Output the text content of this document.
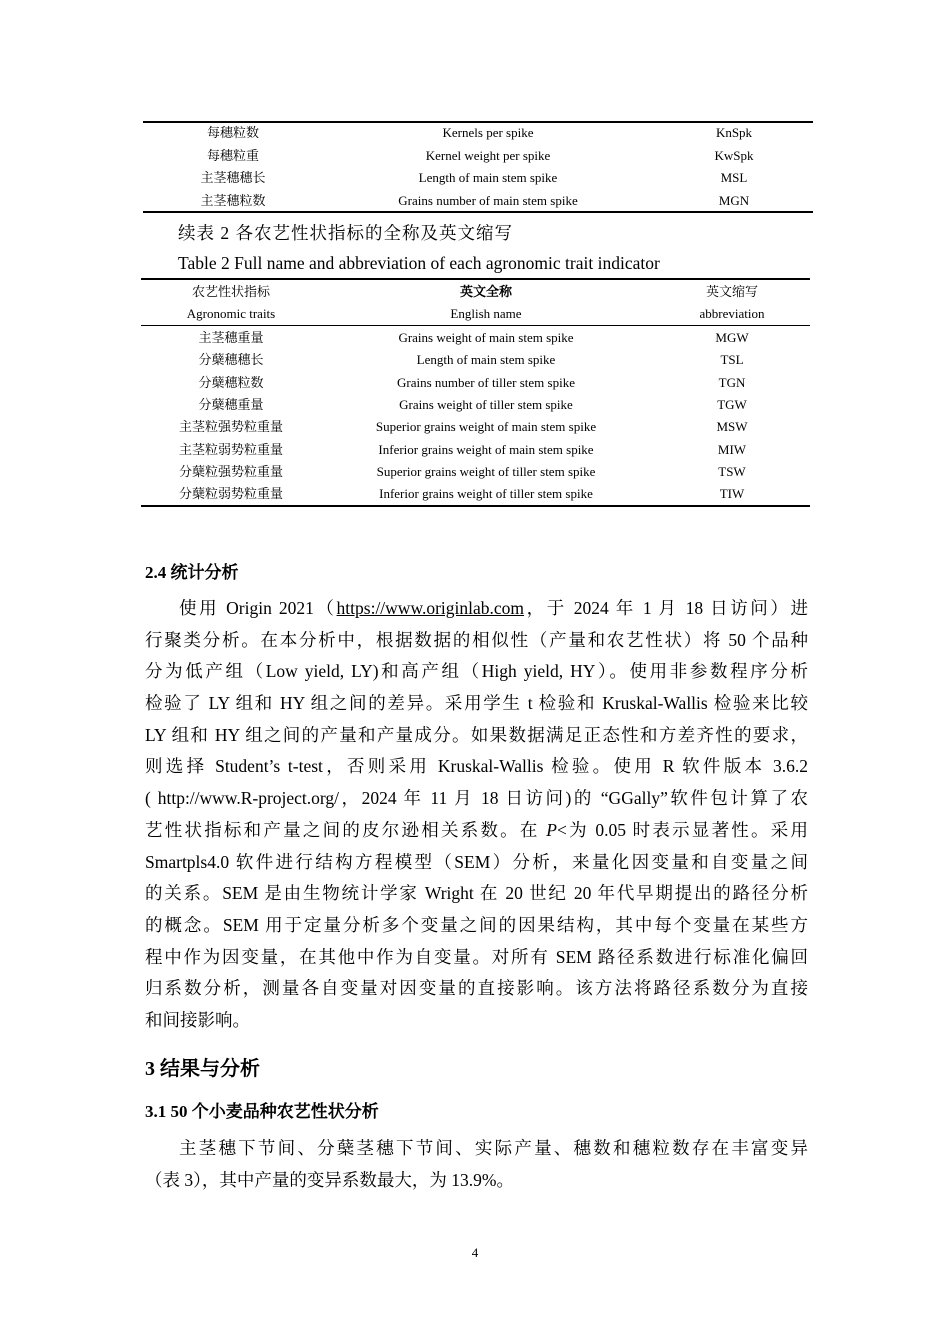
每穗粒数	Kernels per spike	KnSpk
每穗粒重	Kernel weight per spike	KwSpk
主茎穗穗长	Length of main stem spike	MSL
主茎穗粒数	Grains number of main stem spike	MGN
续表 2 各农艺性状指标的全称及英文缩写
Table 2 Full name and abbreviation of each agronomic trait indicator
农艺性状指标	英文全称	英文缩写
Agronomic traits	English name	abbreviation
主茎穗重量	Grains weight of main stem spike	MGW
分蘖穗穗长	Length of main stem spike	TSL
分蘖穗粒数	Grains number of tiller stem spike	TGN
分蘖穗重量	Grains weight of tiller stem spike	TGW
主茎粒强势粒重量	Superior grains weight of main stem spike	MSW
主茎粒弱势粒重量	Inferior grains weight of main stem spike	MIW
分蘖粒强势粒重量	Superior grains weight of tiller stem spike	TSW
分蘖粒弱势粒重量	Inferior grains weight of tiller stem spike	TIW
2.4 统计分析
使用 Origin 2021（https://www.originlab.com，于 2024 年 1 月 18 日访问）进
行聚类分析。在本分析中，根据数据的相似性（产量和农艺性状）将 50 个品种
分为低产组（Low yield, LY)和高产组（High yield, HY）。使用非参数程序分析
检验了 LY 组和 HY 组之间的差异。采用学生 t 检验和 Kruskal-Wallis 检验来比较
LY 组和 HY 组之间的产量和产量成分。如果数据满足正态性和方差齐性的要求，
则选择 Student’s t-test，否则采用 Kruskal-Wallis 检验。使用 R 软件版本 3.6.2
( http://www.R-project.org/，2024 年 11 月 18 日访问)的 “GGally”软件包计算了农
艺性状指标和产量之间的皮尔逊相关系数。在 P<为 0.05 时表示显著性。采用
Smartpls4.0 软件进行结构方程模型（SEM）分析，来量化因变量和自变量之间
的关系。SEM 是由生物统计学家 Wright 在 20 世纪 20 年代早期提出的路径分析
的概念。SEM 用于定量分析多个变量之间的因果结构，其中每个变量在某些方
程中作为因变量，在其他中作为自变量。对所有 SEM 路径系数进行标准化偏回
归系数分析，测量各自变量对因变量的直接影响。该方法将路径系数分为直接
和间接影响。
3 结果与分析
3.1 50 个小麦品种农艺性状分析
主茎穗下节间、分蘖茎穗下节间、实际产量、穗数和穗粒数存在丰富变异
（表 3），其中产量的变异系数最大，为 13.9%。
4
